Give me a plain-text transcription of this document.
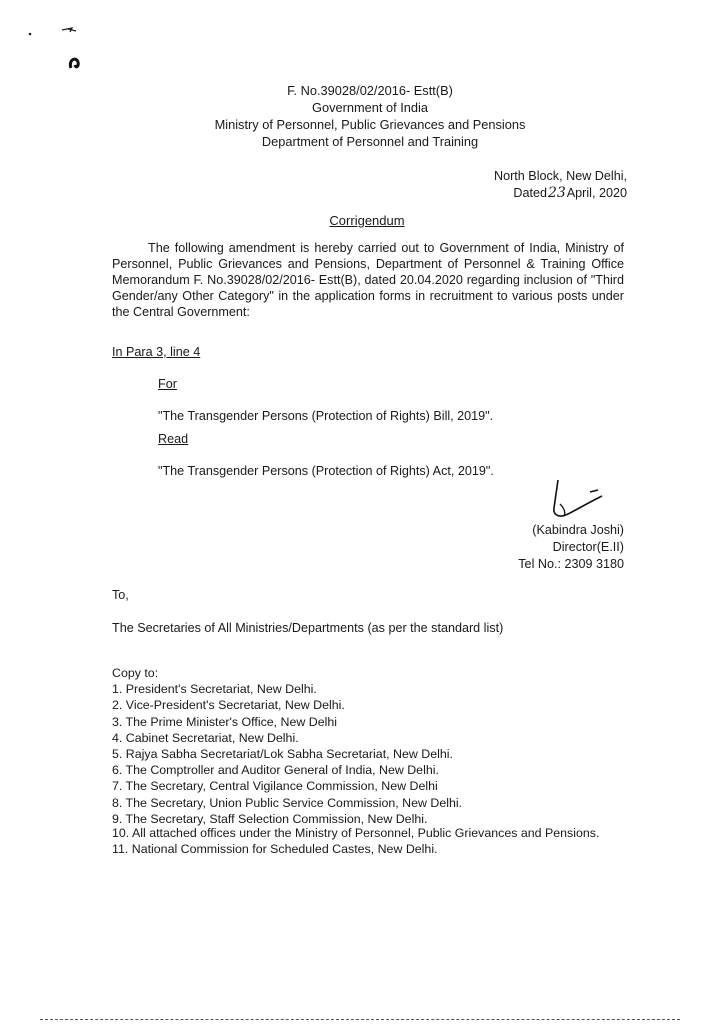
F. No.39028/02/2016- Estt(B)
Government of India
Ministry of Personnel, Public Grievances and Pensions
Department of Personnel and Training
North Block, New Delhi,
Dated23April, 2020
Corrigendum
The following amendment is hereby carried out to Government of India, Ministry of Personnel, Public Grievances and Pensions, Department of Personnel & Training Office Memorandum F. No.39028/02/2016- Estt(B), dated 20.04.2020 regarding inclusion of "Third Gender/any Other Category" in the application forms in recruitment to various posts under the Central Government:
In Para 3, line 4
For
"The Transgender Persons (Protection of Rights) Bill, 2019".
Read
"The Transgender Persons (Protection of Rights) Act, 2019".
(Kabindra Joshi)
Director(E.II)
Tel No.: 2309 3180
To,
The Secretaries of All Ministries/Departments (as per the standard list)
Copy to:
1. President's Secretariat, New Delhi.
2. Vice-President's Secretariat, New Delhi.
3. The Prime Minister's Office, New Delhi
4. Cabinet Secretariat, New Delhi.
5. Rajya Sabha Secretariat/Lok Sabha Secretariat, New Delhi.
6. The Comptroller and Auditor General of India, New Delhi.
7. The Secretary, Central Vigilance Commission, New Delhi
8. The Secretary, Union Public Service Commission, New Delhi.
9. The Secretary, Staff Selection Commission, New Delhi.
10. All attached offices under the Ministry of Personnel, Public Grievances and Pensions.
11. National Commission for Scheduled Castes, New Delhi.
